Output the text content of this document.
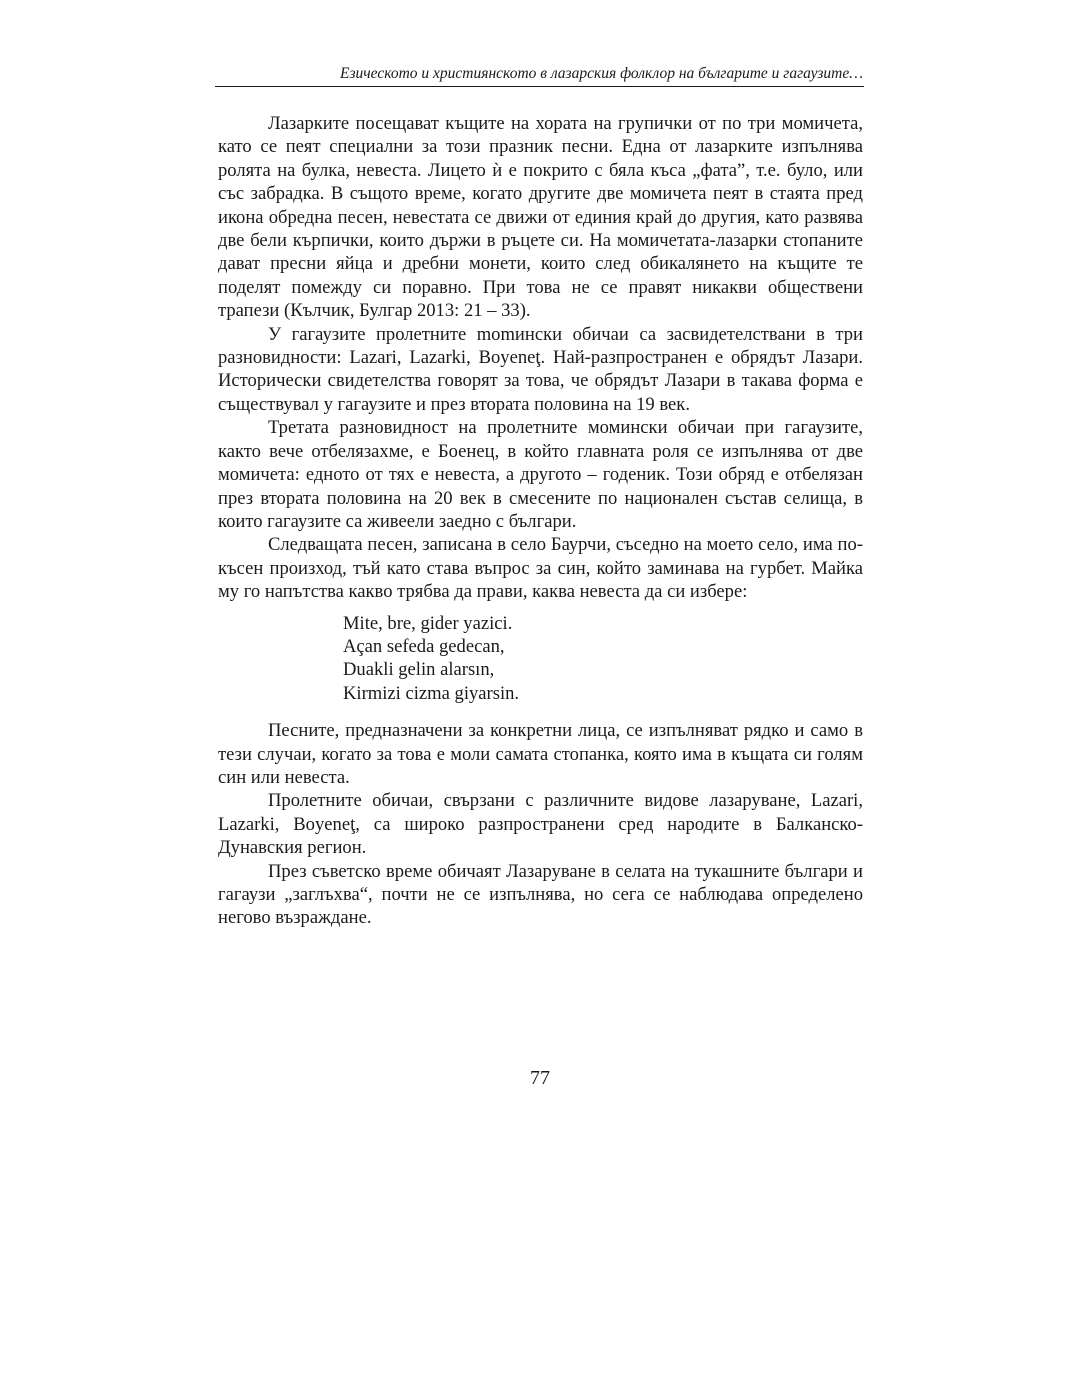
Езическото и християнското в лазарския фолклор на българите и гагаузите…

Лазарките посещават къщите на хората на групички от по три момичета, като се пеят специални за този празник песни. Една от лазарките изпълнява ролята на булка, невеста. Лицето ѝ е покрито с бяла къса „фата”, т.е. було, или със забрадка. В същото време, когато другите две момичета пеят в стаята пред икона обредна песен, невестата се движи от единия край до другия, като развява две бели кърпички, които държи в ръцете си. На момичетата-лазарки стопаните дават пресни яйца и дребни монети, които след обикалянето на къщите те поделят помежду си поравно. При това не се правят никакви обществени трапези (Кълчик, Булгар 2013: 21 – 33).

У гагаузите пролетните momински обичаи са засвидетелствани в три разновидности: Lazari, Lazarki, Boyeneţ. Най-разпространен е обрядът Лазари. Исторически свидетелства говорят за това, че обрядът Лазари в такава форма е съществувал у гагаузите и през втората половина на 19 век.

Третата разновидност на пролетните момински обичаи при гагаузите, както вече отбелязахме, е Боенец, в който главната роля се изпълнява от две момичета: едното от тях е невеста, а другото – годеник. Този обряд е отбелязан през втората половина на 20 век в смесените по национален състав селища, в които гагаузите са живеели заедно с българи.

Следващата песен, записана в село Баурчи, съседно на моето село, има по-късен произход, тъй като става въпрос за син, който заминава на гурбет. Майка му го напътства какво трябва да прави, каква невеста да си избере:

Mite, bre, gider yazici.
Açan sefeda gedecan,
Duakli gelin alarsın,
Kirmizi cizma giyarsin.

Песните, предназначени за конкретни лица, се изпълняват рядко и само в тези случаи, когато за това е моли самата стопанка, която има в къщата си голям син или невеста.

Пролетните обичаи, свързани с различните видове лазаруване, Lazari, Lazarki, Boyeneţ, са широко разпространени сред народите в Балканско-Дунавския регион.

През съветско време обичаят Лазаруване в селата на тукашните българи и гагаузи „заглъхва“, почти не се изпълнява, но сега се наблюдава определено негово възраждане.

77
